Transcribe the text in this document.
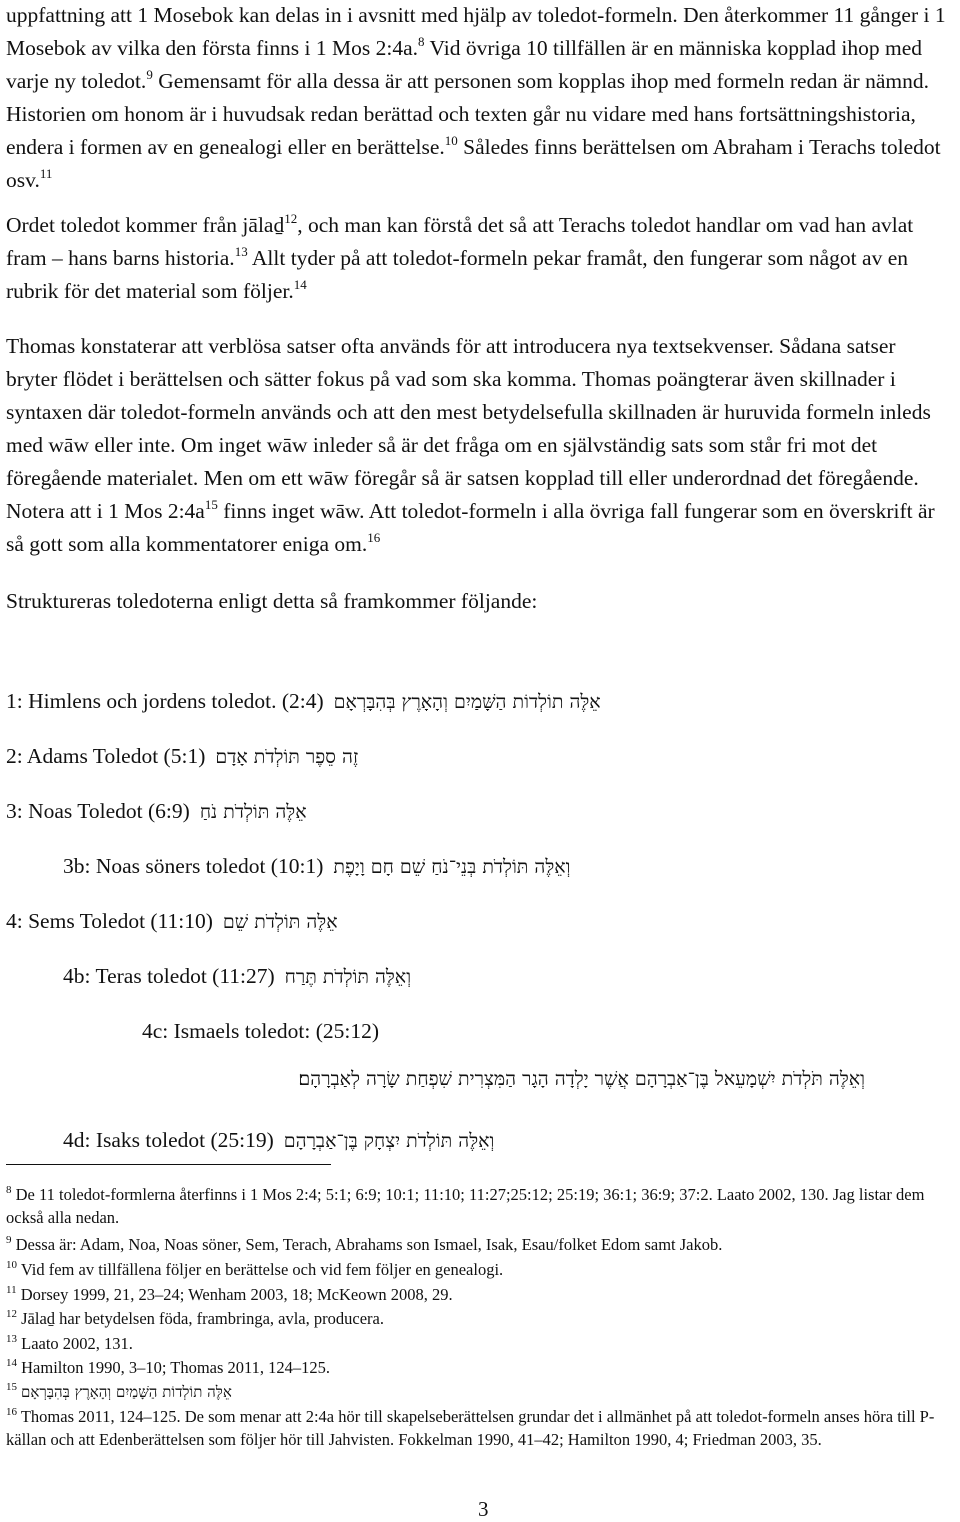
uppfattning att 1 Mosebok kan delas in i avsnitt med hjälp av toledot-formeln. Den återkommer 11 gånger i 1 Mosebok av vilka den första finns i 1 Mos 2:4a.$^8$ Vid övriga 10 tillfällen är en människa kopplad ihop med varje ny toledot.$^9$ Gemensamt för alla dessa är att personen som kopplas ihop med formeln redan är nämnd. Historien om honom är i huvudsak redan berättad och texten går nu vidare med hans fortsättningshistoria, endera i formen av en genealogi eller en berättelse.$^{10}$ Således finns berättelsen om Abraham i Terachs toledot osv.$^{11}$

Ordet toledot kommer från jālaḏ$^{12}$, och man kan förstå det så att Terachs toledot handlar om vad han avlat fram – hans barns historia.$^{13}$ Allt tyder på att toledot-formeln pekar framåt, den fungerar som något av en rubrik för det material som följer.$^{14}$

Thomas konstaterar att verblösa satser ofta används för att introducera nya textsekvenser. Sådana satser bryter flödet i berättelsen och sätter fokus på vad som ska komma. Thomas poängterar även skillnader i syntaxen där toledot-formeln används och att den mest betydelsefulla skillnaden är huruvida formeln inleds med wāw eller inte. Om inget wāw inleder så är det fråga om en självständig sats som står fri mot det föregående materialet. Men om ett wāw föregår så är satsen kopplad till eller underordnad det föregående. Notera att i 1 Mos $2:4a^{15}$ finns inget wāw. Att toledot-formeln i alla övriga fall fungerar som en överskrift är så gott som alla kommentatorer eniga om.$^{16}$

Struktureras toledoterna enligt detta så framkommer följande:

1: Himlens och jordens toledot. (2:4) אֵלֶּה תוֹלְדוֹת הַשָּׁמַיִם וְהָאָרֶץ בְּהִבָּרְאָם
2: Adams Toledot (5:1) זֶה סֵפֶר תּוֹלְדֹת אָדָם
3: Noas Toledot (6:9) אֵלֶּה תּוֹלְדֹת נֹחַ
3b: Noas söners toledot (10:1) וְאֵלֶּה תּוֹלְדֹת בְּנֵי־נֹחַ שֵׁם חָם וָיָפֶת
4: Sems Toledot (11:10) אֵלֶּה תּוֹלְדֹת שֵׁם
4b: Teras toledot (11:27) וְאֵלֶּה תּוֹלְדֹת תֶּרַח
4c: Ismaels toledot: (25:12)
וְאֵלֶּה תֹּלְדֹת יִשְׁמָעֵאל בֶּן־אַבְרָהָם אֲשֶׁר יָלְדָה הָגָר הַמִּצְרִית שִׁפְחַת שָׂרָה לְאַבְרָהָם׃
4d: Isaks toledot (25:19) וְאֵלֶּה תּוֹלְדֹת יִצְחָק בֶּן־אַבְרָהָם
$^8$ De 11 toledot-formlerna återfinns i 1 Mos 2:4; 5:1; 6:9; 10:1; 11:10; 11:27;25:12; 25:19; 36:1; 36:9; 37:2. Laato 2002, 130. Jag listar dem också alla nedan.
$^9$ Dessa är: Adam, Noa, Noas söner, Sem, Terach, Abrahams son Ismael, Isak, Esau/folket Edom samt Jakob.
$^{10}$ Vid fem av tillfällena följer en berättelse och vid fem följer en genealogi.
$^{11}$ Dorsey 1999, 21, 23–24; Wenham 2003, 18; McKeown 2008, 29.
$^{12}$ Jālaḏ har betydelsen föda, frambringa, avla, producera.
$^{13}$ Laato 2002, 131.
$^{14}$ Hamilton 1990, 3–10; Thomas 2011, 124–125.
$^{15}$ אֵלֶּה תוֹלְדוֹת הַשָּׁמַיִם וְהָאָרֶץ בְּהִבָּרְאָם
$^{16}$ Thomas 2011, 124–125. De som menar att 2:4a hör till skapelseberättelsen grundar det i allmänhet på att toledot-formeln anses höra till P-källan och att Edenberättelsen som följer hör till Jahvisten. Fokkelman 1990, 41–42; Hamilton 1990, 4; Friedman 2003, 35.
3
